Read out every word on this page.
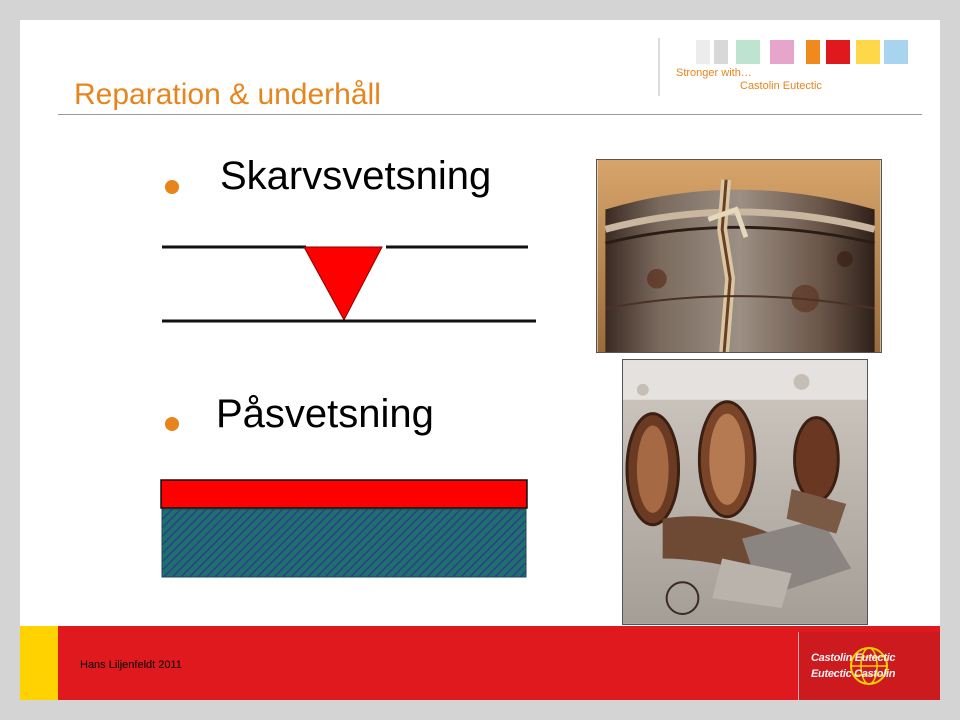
Reparation & underhåll
Stronger with…
Castolin Eutectic
Skarvsvetsning
Påsvetsning
Hans Liljenfeldt 2011
Castolin Eutectic
Eutectic Castolin
